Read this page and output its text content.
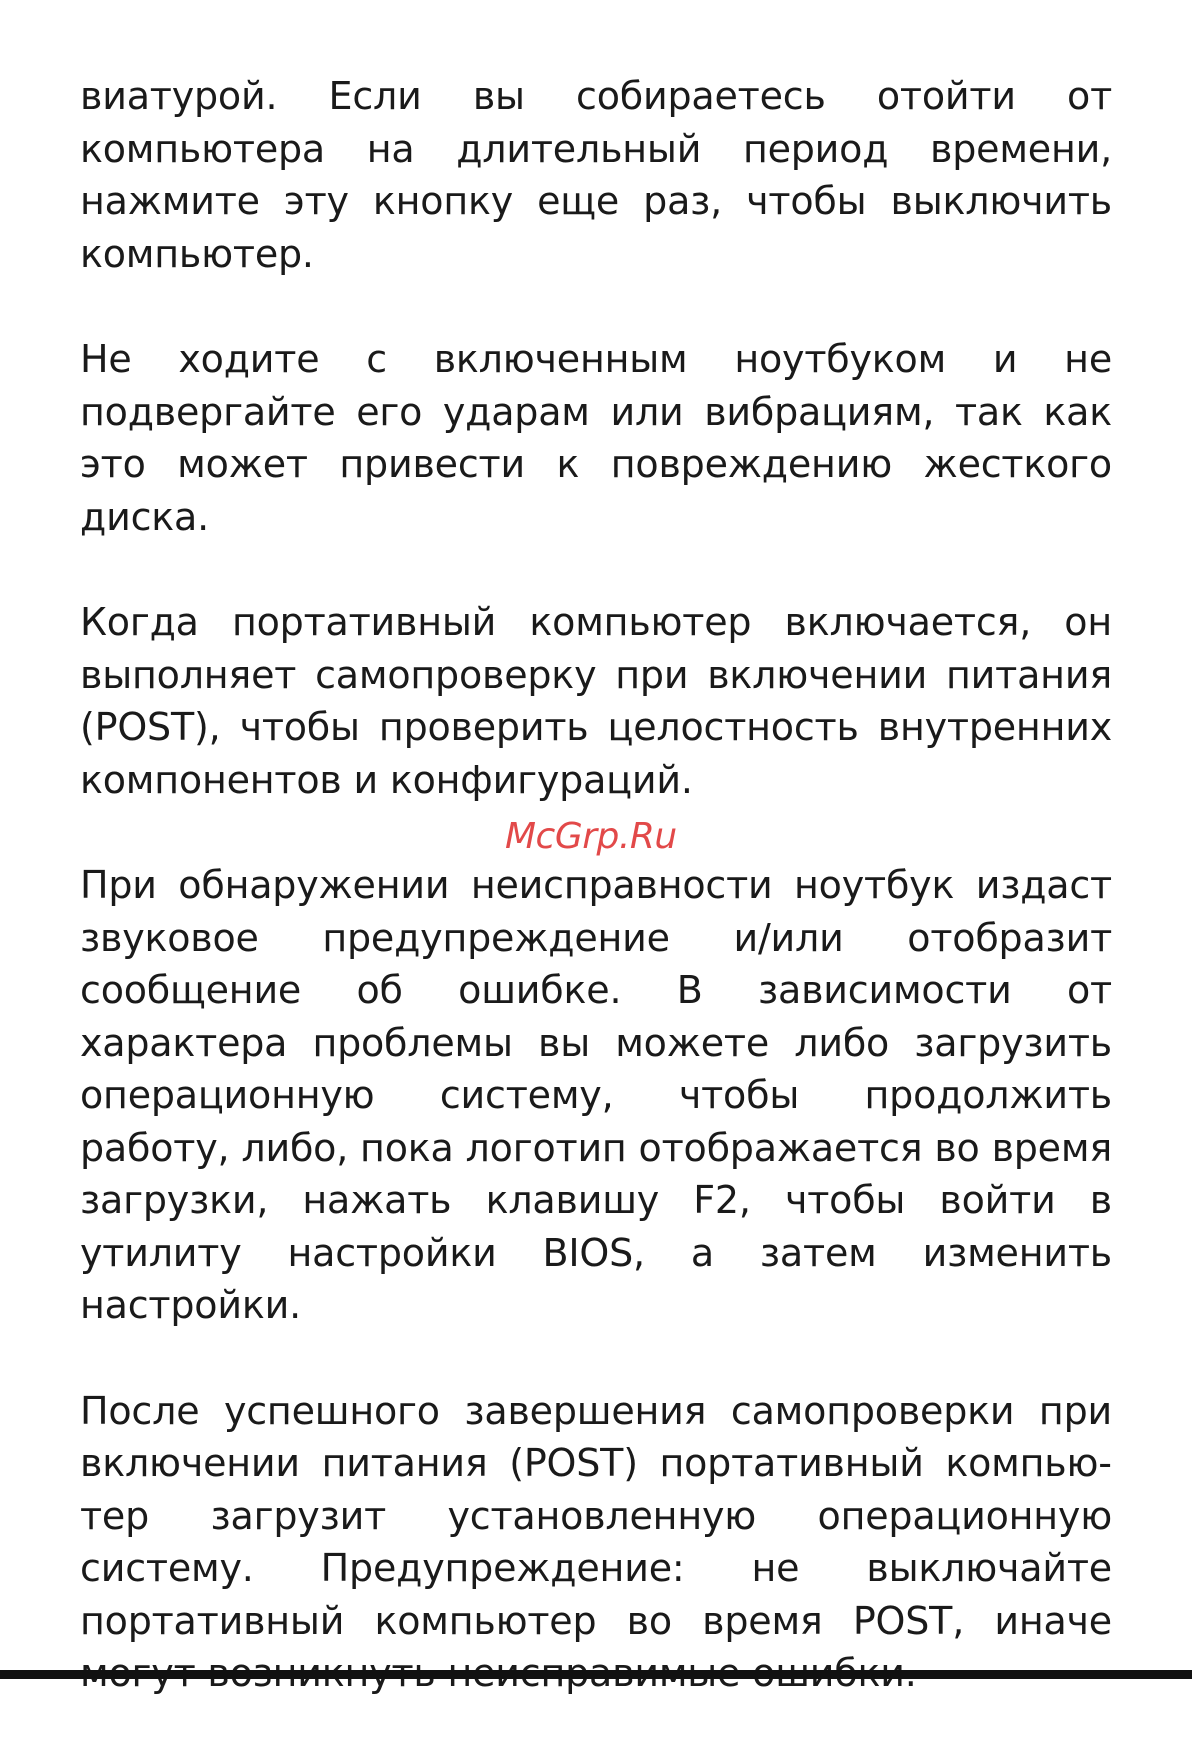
виатурой. Если вы собираетесь отойти от компьютера на длительный период времени, нажмите эту кнопку еще раз, чтобы выключить компьютер.

Не ходите с включенным ноутбуком и не подвергайте его ударам или вибрациям, так как это может привести к повреждению жесткого диска.

Когда портативный компьютер включается, он выполняет самопроверку при включении питания (POST), чтобы проверить целостность внутренних компонентов и конфигураций.

При обнаружении неисправности ноутбук издаст звуковое предупреждение и/или отобразит сообщение об ошибке. В зависимости от характера проблемы вы можете либо загрузить операционную систему, чтобы продолжить работу, либо, пока логотип отображается во время загрузки, нажать клавишу F2, чтобы войти в утилиту настройки BIOS, а затем изменить настройки.

После успешного завершения самопроверки при включении питания (POST) портативный компьютер загрузит установленную операционную систему. Предупреждение: не выключайте портативный компьютер во время POST, иначе

McGrp.Ru
